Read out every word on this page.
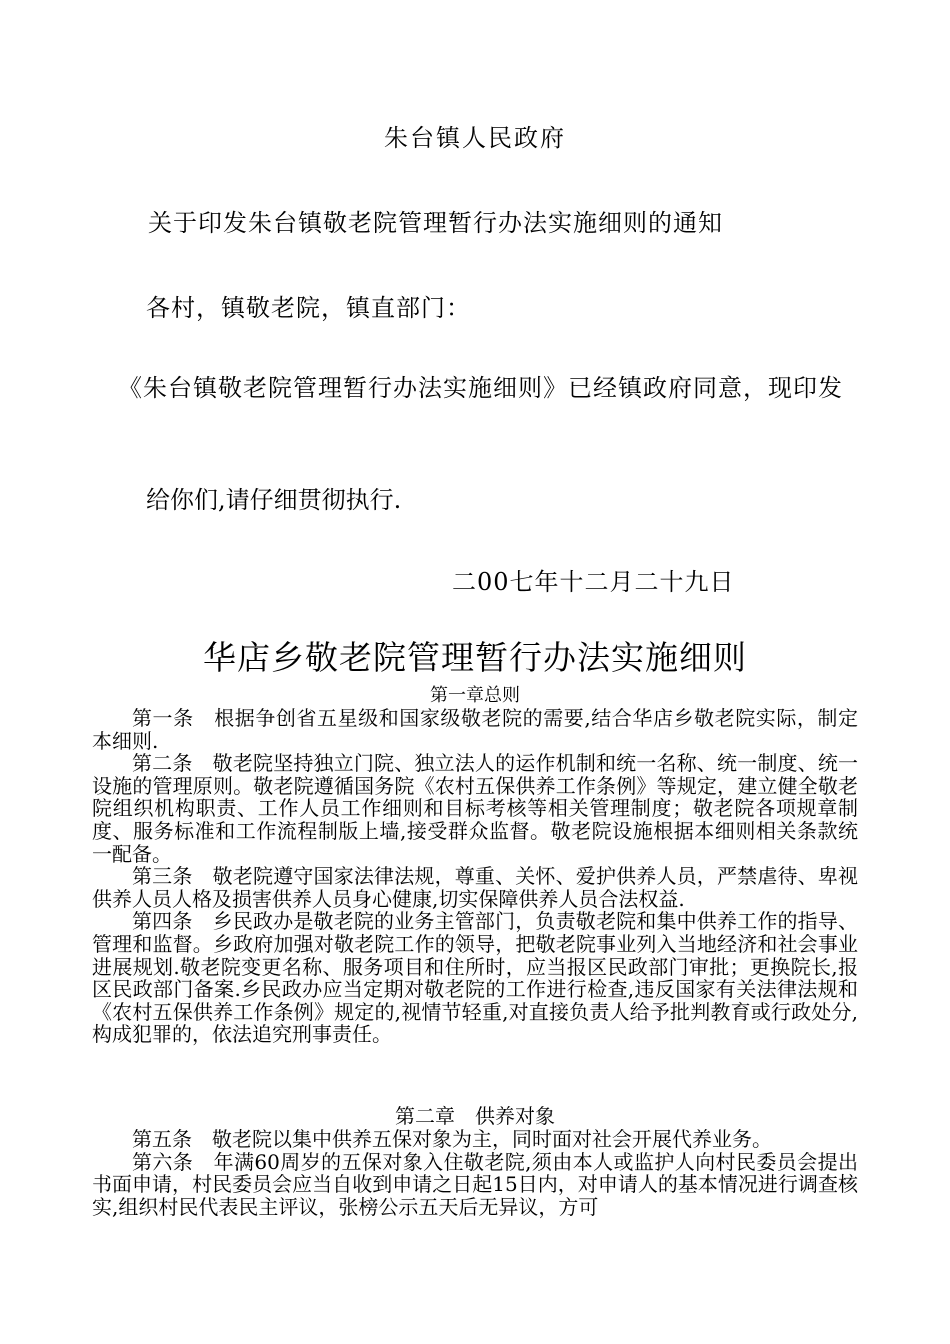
朱台镇人民政府
关于印发朱台镇敬老院管理暂行办法实施细则的通知
各村，镇敬老院，镇直部门：
《朱台镇敬老院管理暂行办法实施细则》已经镇政府同意，现印发
给你们,请仔细贯彻执行.
二00七年十二月二十九日
华店乡敬老院管理暂行办法实施细则
第一章总则

第一条　根据争创省五星级和国家级敬老院的需要,结合华店乡敬老院实际，制定本细则.

第二条　敬老院坚持独立门院、独立法人的运作机制和统一名称、统一制度、统一设施的管理原则。敬老院遵循国务院《农村五保供养工作条例》等规定，建立健全敬老院组织机构职责、工作人员工作细则和目标考核等相关管理制度；敬老院各项规章制度、服务标准和工作流程制版上墙,接受群众监督。敬老院设施根据本细则相关条款统一配备。

第三条　敬老院遵守国家法律法规，尊重、关怀、爱护供养人员，严禁虐待、卑视供养人员人格及损害供养人员身心健康,切实保障供养人员合法权益.

第四条　乡民政办是敬老院的业务主管部门，负责敬老院和集中供养工作的指导、管理和监督。乡政府加强对敬老院工作的领导，把敬老院事业列入当地经济和社会事业进展规划.敬老院变更名称、服务项目和住所时，应当报区民政部门审批；更换院长,报区民政部门备案.乡民政办应当定期对敬老院的工作进行检查,违反国家有关法律法规和《农村五保供养工作条例》规定的,视情节轻重,对直接负责人给予批判教育或行政处分,构成犯罪的，依法追究刑事责任。

第二章　供养对象

第五条　敬老院以集中供养五保对象为主，同时面对社会开展代养业务。

第六条　年满60周岁的五保对象入住敬老院,须由本人或监护人向村民委员会提出书面申请，村民委员会应当自收到申请之日起15日内，对申请人的基本情况进行调查核实,组织村民代表民主评议，张榜公示五天后无异议，方可
